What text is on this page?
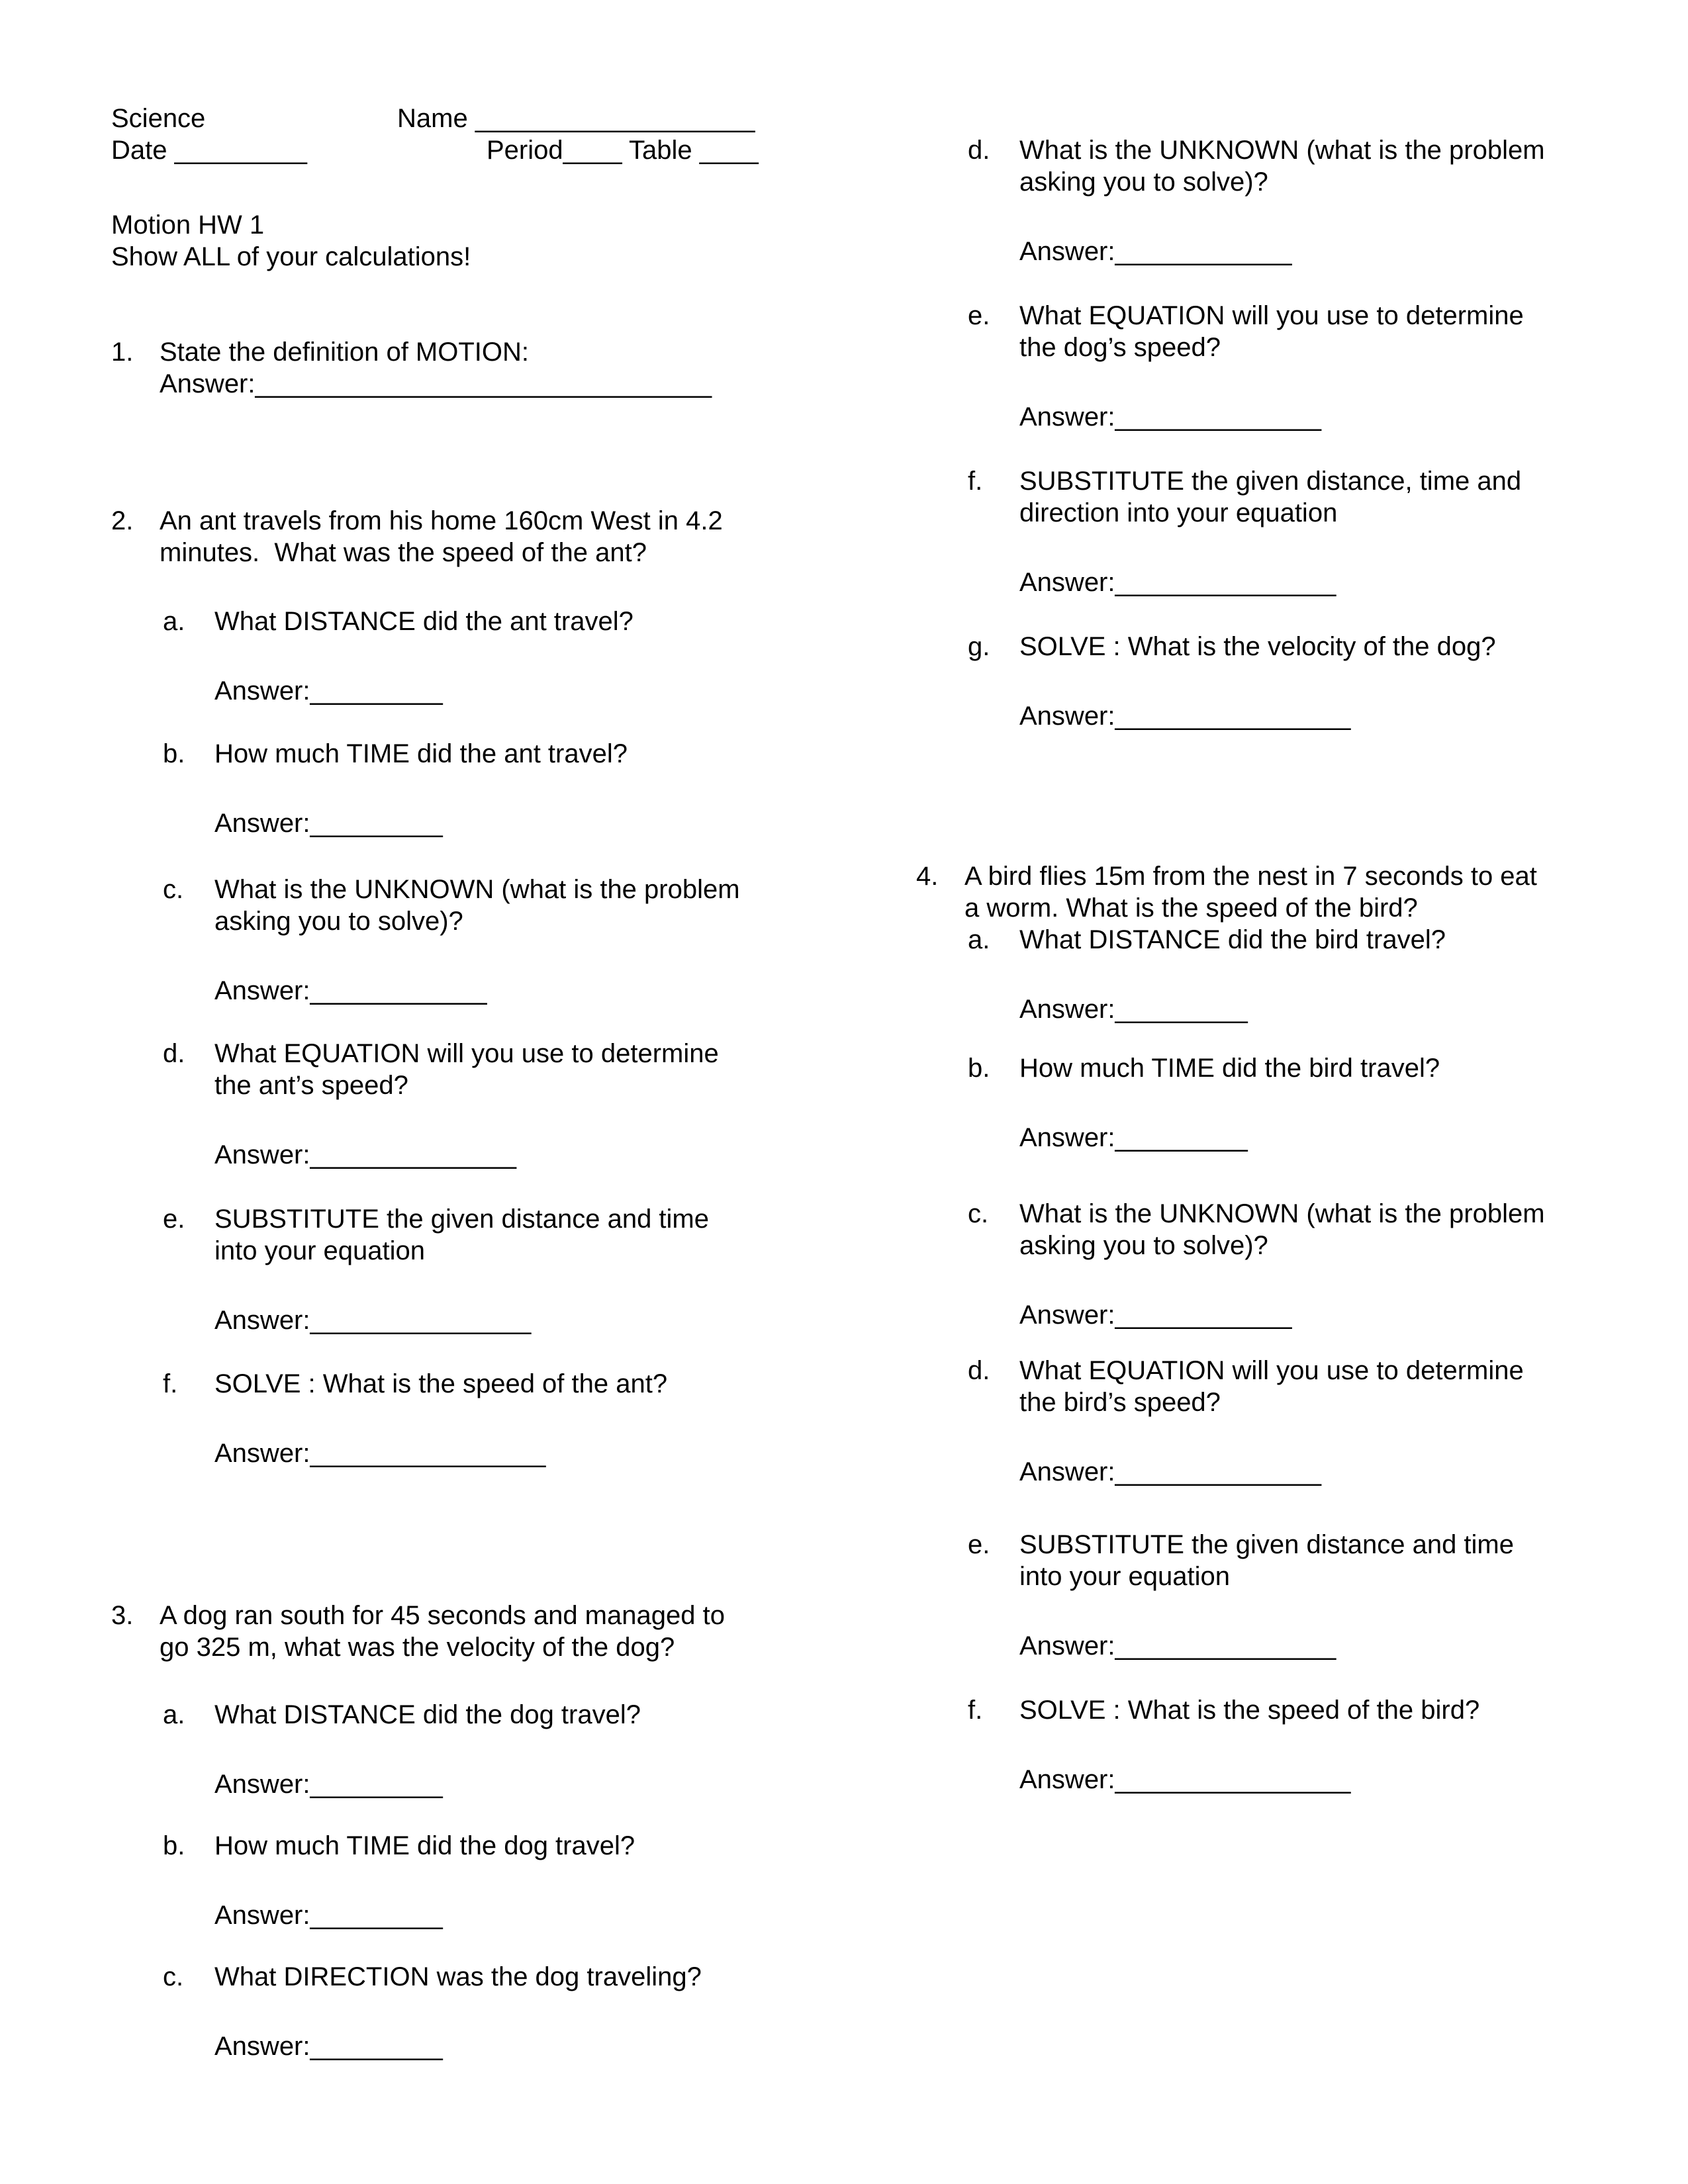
Science	Name ___________________
Date _________	Period____ Table ____
Motion HW 1
Show ALL of your calculations!
1. State the definition of MOTION:
Answer:_______________________________
2. An ant travels from his home 160cm West in 4.2
minutes.  What was the speed of the ant?
a. What DISTANCE did the ant travel?
Answer:_________
b. How much TIME did the ant travel?
Answer:_________
c. What is the UNKNOWN (what is the problem
asking you to solve)?
Answer:____________
d. What EQUATION will you use to determine
the ant’s speed?
Answer:______________
e. SUBSTITUTE the given distance and time
into your equation
Answer:_______________
f. SOLVE : What is the speed of the ant?
Answer:________________
3. A dog ran south for 45 seconds and managed to
go 325 m, what was the velocity of the dog?
a. What DISTANCE did the dog travel?
Answer:_________
b. How much TIME did the dog travel?
Answer:_________
c. What DIRECTION was the dog traveling?
Answer:_________
d. What is the UNKNOWN (what is the problem
asking you to solve)?
Answer:____________
e. What EQUATION will you use to determine
the dog’s speed?
Answer:______________
f. SUBSTITUTE the given distance, time and
direction into your equation
Answer:_______________
g. SOLVE : What is the velocity of the dog?
Answer:________________
4. A bird flies 15m from the nest in 7 seconds to eat
a worm. What is the speed of the bird?
a. What DISTANCE did the bird travel?
Answer:_________
b. How much TIME did the bird travel?
Answer:_________
c. What is the UNKNOWN (what is the problem
asking you to solve)?
Answer:____________
d. What EQUATION will you use to determine
the bird’s speed?
Answer:______________
e. SUBSTITUTE the given distance and time
into your equation
Answer:_______________
f. SOLVE : What is the speed of the bird?
Answer:________________
